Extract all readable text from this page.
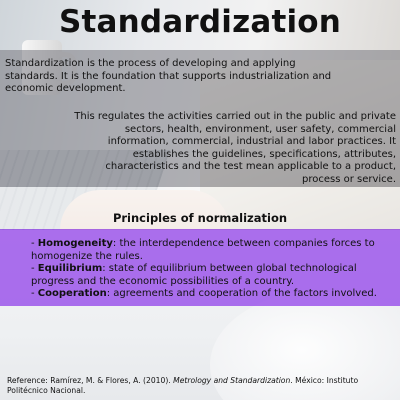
Standardization

Standardization is the process of developing and applying standards. It is the foundation that supports industrialization and economic development.

This regulates the activities carried out in the public and private sectors, health, environment, user safety, commercial information, commercial, industrial and labor practices. It establishes the guidelines, specifications, attributes, characteristics and the test mean applicable to a product, process or service.

Principles of normalization
- Homogeneity: the interdependence between companies forces to homogenize the rules.
- Equilibrium: state of equilibrium between global technological progress and the economic possibilities of a country.
- Cooperation: agreements and cooperation of the factors involved.

Reference: Ramírez, M. & Flores, A. (2010). Metrology and Standardization. México: Instituto Politécnico Nacional.
